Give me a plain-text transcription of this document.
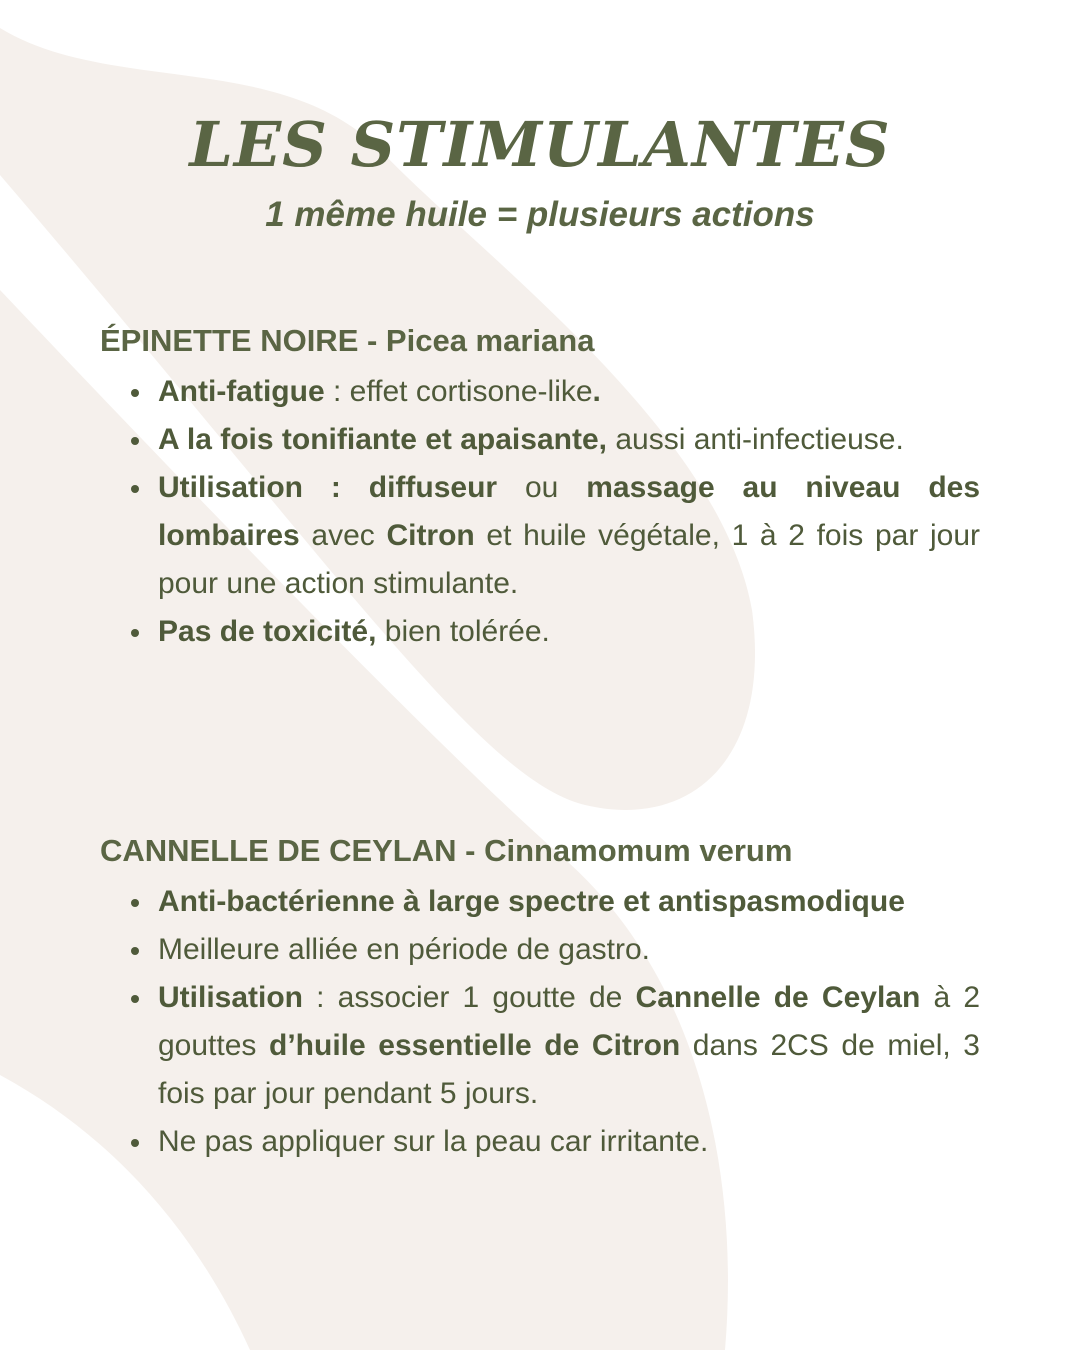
LES STIMULANTES
1 même huile = plusieurs actions
ÉPINETTE NOIRE - Picea mariana
Anti-fatigue : effet cortisone-like.
A la fois tonifiante et apaisante, aussi anti-infectieuse.
Utilisation : diffuseur ou massage au niveau des lombaires avec Citron et huile végétale, 1 à 2 fois par jour pour une action stimulante.
Pas de toxicité, bien tolérée.
CANNELLE DE CEYLAN - Cinnamomum verum
Anti-bactérienne à large spectre et antispasmodique
Meilleure alliée en période de gastro.
Utilisation : associer 1 goutte de Cannelle de Ceylan à 2 gouttes d’huile essentielle de Citron dans 2CS de miel, 3 fois par jour pendant 5 jours.
Ne pas appliquer sur la peau car irritante.
